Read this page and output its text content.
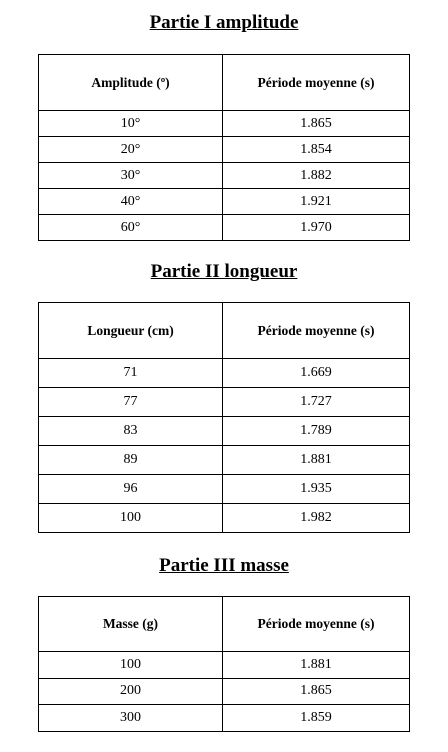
Partie I amplitude
Amplitude (º)	Période moyenne (s)
10°	1.865
20°	1.854
30°	1.882
40°	1.921
60°	1.970
Partie II longueur
Longueur (cm)	Période moyenne (s)
71	1.669
77	1.727
83	1.789
89	1.881
96	1.935
100	1.982
Partie III masse
Masse (g)	Période moyenne (s)
100	1.881
200	1.865
300	1.859
